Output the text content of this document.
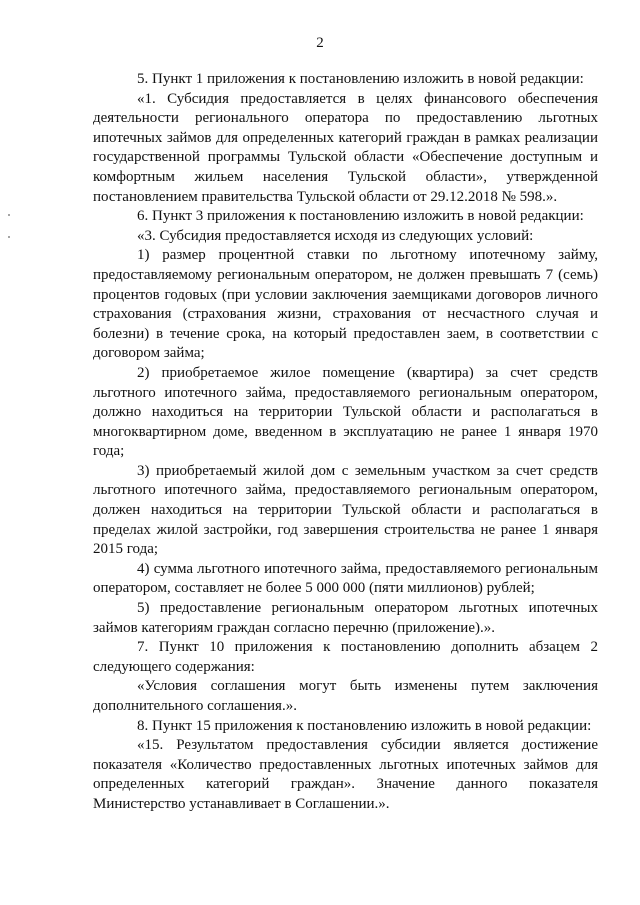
2

5. Пункт 1 приложения к постановлению изложить в новой редакции:

«1. Субсидия предоставляется в целях финансового обеспечения деятельности регионального оператора по предоставлению льготных ипотечных займов для определенных категорий граждан в рамках реализации государственной программы Тульской области «Обеспечение доступным и комфортным жильем населения Тульской области», утвержденной постановлением правительства Тульской области от 29.12.2018 № 598.».

6. Пункт 3 приложения к постановлению изложить в новой редакции:

«3. Субсидия предоставляется исходя из следующих условий:

1) размер процентной ставки по льготному ипотечному займу, предоставляемому региональным оператором, не должен превышать 7 (семь) процентов годовых (при условии заключения заемщиками договоров личного страхования (страхования жизни, страхования от несчастного случая и болезни) в течение срока, на который предоставлен заем, в соответствии с договором займа;

2) приобретаемое жилое помещение (квартира) за счет средств льготного ипотечного займа, предоставляемого региональным оператором, должно находиться на территории Тульской области и располагаться в многоквартирном доме, введенном в эксплуатацию не ранее 1 января 1970 года;

3) приобретаемый жилой дом с земельным участком за счет средств льготного ипотечного займа, предоставляемого региональным оператором, должен находиться на территории Тульской области и располагаться в пределах жилой застройки, год завершения строительства не ранее 1 января 2015 года;

4) сумма льготного ипотечного займа, предоставляемого региональным оператором, составляет не более 5 000 000 (пяти миллионов) рублей;

5) предоставление региональным оператором льготных ипотечных займов категориям граждан согласно перечню (приложение).».

7. Пункт 10 приложения к постановлению дополнить абзацем 2 следующего содержания:

«Условия соглашения могут быть изменены путем заключения дополнительного соглашения.».

8. Пункт 15 приложения к постановлению изложить в новой редакции:

«15. Результатом предоставления субсидии является достижение показателя «Количество предоставленных льготных ипотечных займов для определенных категорий граждан». Значение данного показателя Министерство устанавливает в Соглашении.».
